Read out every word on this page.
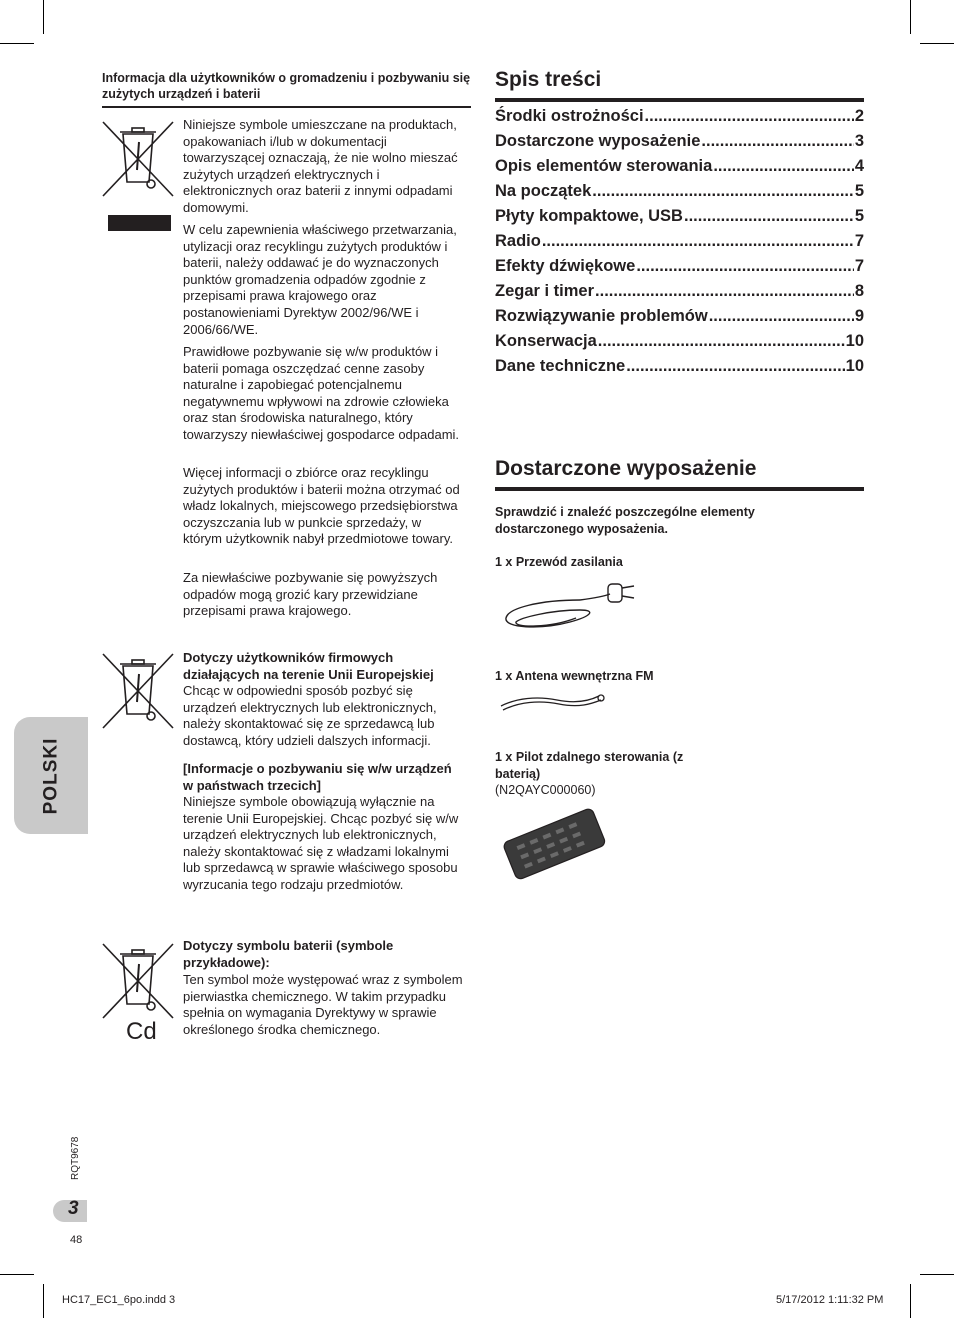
Informacja dla użytkowników o gromadzeniu i pozbywaniu się zużytych urządzeń i baterii
Niniejsze symbole umieszczane na produktach, opakowaniach i/lub w dokumentacji towarzyszącej oznaczają, że nie wolno mieszać zużytych urządzeń elektrycznych i elektronicznych oraz baterii z innymi odpadami domowymi.
W celu zapewnienia właściwego przetwarzania, utylizacji oraz recyklingu zużytych produktów i baterii, należy oddawać je do wyznaczonych punktów gromadzenia odpadów zgodnie z przepisami prawa krajowego oraz postanowieniami Dyrektyw 2002/96/WE i 2006/66/WE.
Prawidłowe pozbywanie się w/w produktów i baterii pomaga oszczędzać cenne zasoby naturalne i zapobiegać potencjalnemu negatywnemu wpływowi na zdrowie człowieka oraz stan środowiska naturalnego, który towarzyszy niewłaściwej gospodarce odpadami.
Więcej informacji o zbiórce oraz recyklingu zużytych produktów i baterii można otrzymać od władz lokalnych, miejscowego przedsiębiorstwa oczyszczania lub w punkcie sprzedaży, w którym użytkownik nabył przedmiotowe towary.
Za niewłaściwe pozbywanie się powyższych odpadów mogą grozić kary przewidziane przepisami prawa krajowego.
Dotyczy użytkowników firmowych działających na terenie Unii Europejskiej
Chcąc w odpowiedni sposób pozbyć się urządzeń elektrycznych lub elektronicznych, należy skontaktować się ze sprzedawcą lub dostawcą, który udzieli dalszych informacji.
[Informacje o pozbywaniu się w/w urządzeń w państwach trzecich]
Niniejsze symbole obowiązują wyłącznie na terenie Unii Europejskiej. Chcąc pozbyć się w/w urządzeń elektrycznych lub elektronicznych, należy skontaktować się z władzami lokalnymi lub sprzedawcą w sprawie właściwego sposobu wyrzucania tego rodzaju przedmiotów.
Cd
Dotyczy symbolu baterii (symbole przykładowe):
Ten symbol może występować wraz z symbolem pierwiastka chemicznego. W takim przypadku spełnia on wymagania Dyrektywy w sprawie określonego środka chemicznego.
POLSKI
RQT9678
3
48
Spis treści
Środki ostrożności .....	2
Dostarczone wyposażenie .....	3
Opis elementów sterowania .....	4
Na początek .....	5
Płyty kompaktowe, USB .....	5
Radio .....	7
Efekty dźwiękowe .....	7
Zegar i timer .....	8
Rozwiązywanie problemów .....	9
Konserwacja .....	10
Dane techniczne .....	10
Dostarczone wyposażenie
Sprawdzić i znaleźć poszczególne elementy dostarczonego wyposażenia.
1 x Przewód zasilania
1 x Antena wewnętrzna FM
1 x Pilot zdalnego sterowania (z baterią)
(N2QAYC000060)
HC17_EC1_6po.indd 3	5/17/2012 1:11:32 PM
